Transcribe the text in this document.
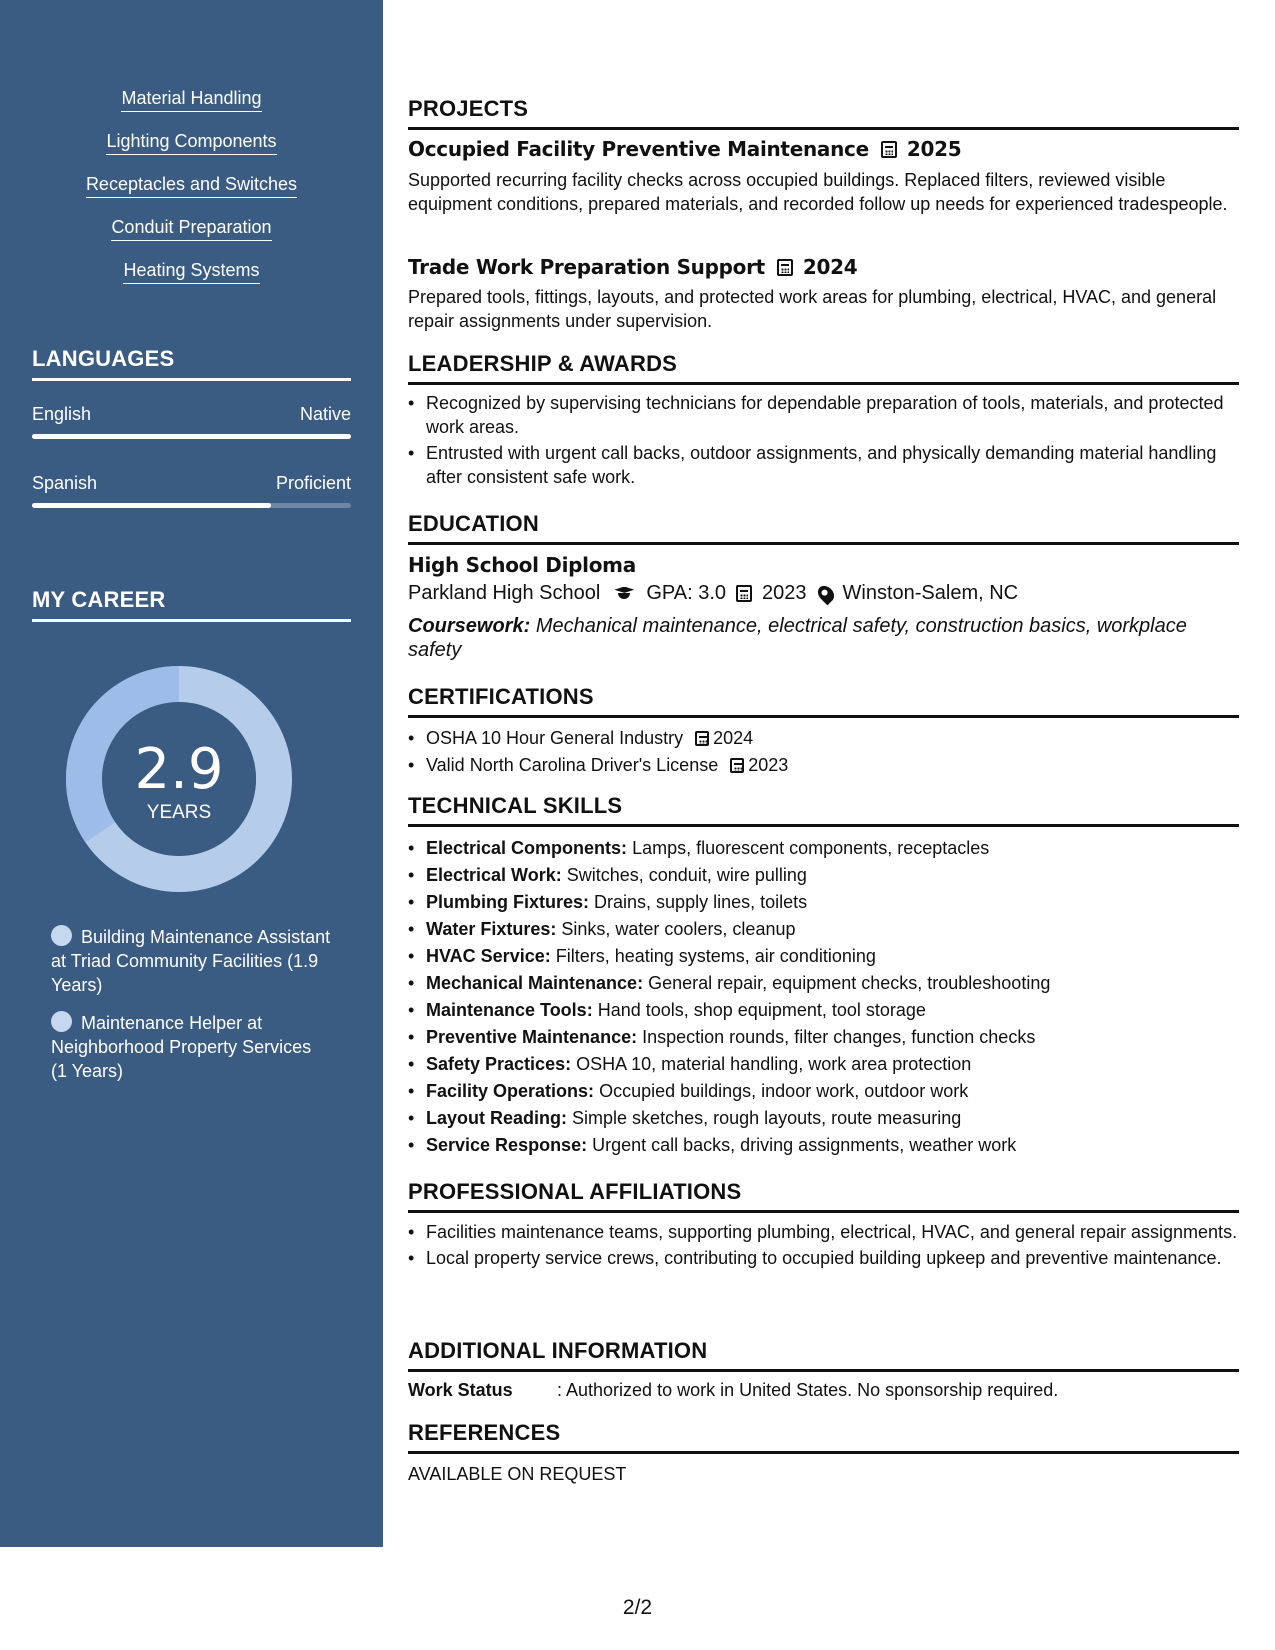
Material Handling
Lighting Components
Receptacles and Switches
Conduit Preparation
Heating Systems
LANGUAGES
English	Native
Spanish	Proficient
MY CAREER
2.9
YEARS
Building Maintenance Assistant at Triad Community Facilities (1.9 Years)
Maintenance Helper at Neighborhood Property Services (1 Years)
PROJECTS
Occupied Facility Preventive Maintenance 2025
Supported recurring facility checks across occupied buildings. Replaced filters, reviewed visible equipment conditions, prepared materials, and recorded follow up needs for experienced tradespeople.
Trade Work Preparation Support 2024
Prepared tools, fittings, layouts, and protected work areas for plumbing, electrical, HVAC, and general repair assignments under supervision.
LEADERSHIP & AWARDS
• Recognized by supervising technicians for dependable preparation of tools, materials, and protected work areas.
• Entrusted with urgent call backs, outdoor assignments, and physically demanding material handling after consistent safe work.
EDUCATION
High School Diploma
Parkland High School GPA: 3.0 2023 Winston-Salem, NC
Coursework: Mechanical maintenance, electrical safety, construction basics, workplace safety
CERTIFICATIONS
• OSHA 10 Hour General Industry 2024
• Valid North Carolina Driver's License 2023
TECHNICAL SKILLS
• Electrical Components: Lamps, fluorescent components, receptacles
• Electrical Work: Switches, conduit, wire pulling
• Plumbing Fixtures: Drains, supply lines, toilets
• Water Fixtures: Sinks, water coolers, cleanup
• HVAC Service: Filters, heating systems, air conditioning
• Mechanical Maintenance: General repair, equipment checks, troubleshooting
• Maintenance Tools: Hand tools, shop equipment, tool storage
• Preventive Maintenance: Inspection rounds, filter changes, function checks
• Safety Practices: OSHA 10, material handling, work area protection
• Facility Operations: Occupied buildings, indoor work, outdoor work
• Layout Reading: Simple sketches, rough layouts, route measuring
• Service Response: Urgent call backs, driving assignments, weather work
PROFESSIONAL AFFILIATIONS
• Facilities maintenance teams, supporting plumbing, electrical, HVAC, and general repair assignments.
• Local property service crews, contributing to occupied building upkeep and preventive maintenance.
ADDITIONAL INFORMATION
Work Status	: Authorized to work in United States. No sponsorship required.
REFERENCES
AVAILABLE ON REQUEST
2/2
